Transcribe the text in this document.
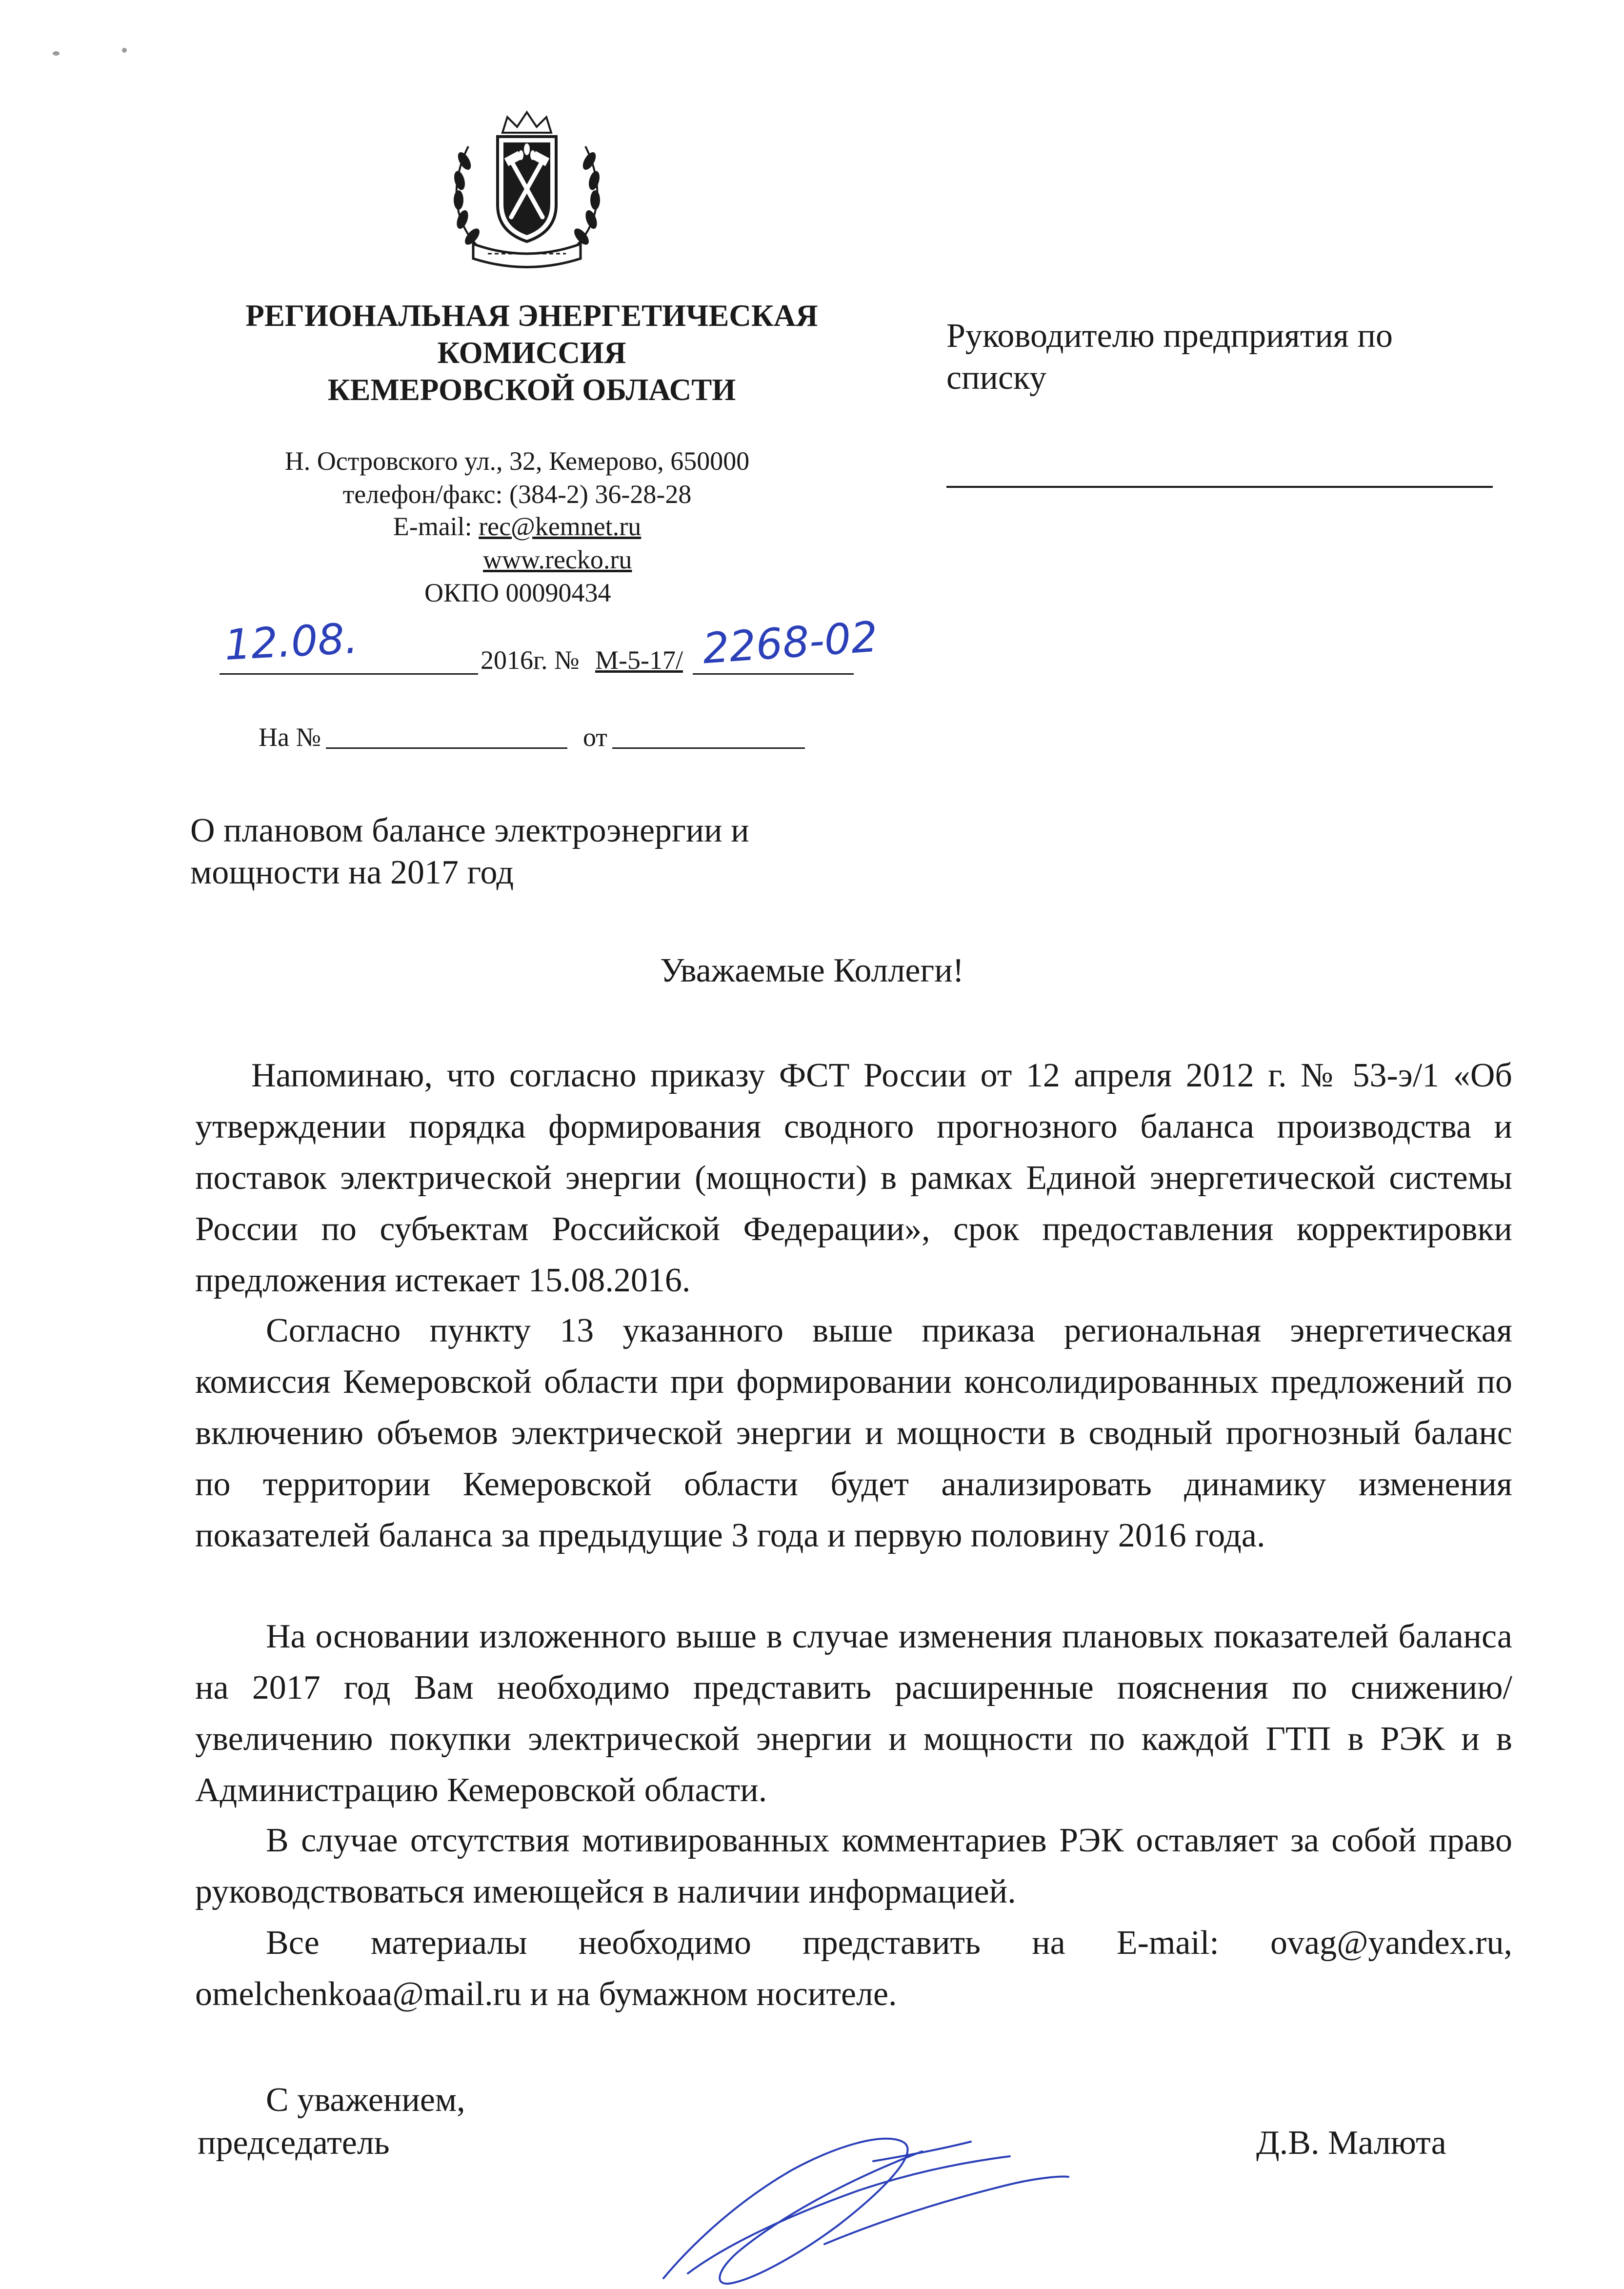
РЕГИОНАЛЬНАЯ ЭНЕРГЕТИЧЕСКАЯ
КОМИССИЯ
КЕМЕРОВСКОЙ ОБЛАСТИ
Н. Островского ул., 32, Кемерово, 650000
телефон/факс: (384-2) 36-28-28
E-mail: rec@kemnet.ru
www.recko.ru
ОКПО 00090434
Руководителю предприятия по
списку
12.08.	2016г. № М-5-17/ 2268-02
На №	от
О плановом балансе электроэнергии и
мощности на 2017 год
Уважаемые Коллеги!
Напоминаю, что согласно приказу ФСТ России от 12 апреля 2012 г. № 53-э/1 «Об утверждении порядка формирования сводного прогнозного баланса производства и поставок электрической энергии (мощности) в рамках Единой энергетической системы России по субъектам Российской Федерации», срок предоставления корректировки предложения истекает 15.08.2016.
Согласно пункту 13 указанного выше приказа региональная энергетическая комиссия Кемеровской области при формировании консолидированных предложений по включению объемов электрической энергии и мощности в сводный прогнозный баланс по территории Кемеровской области будет анализировать динамику изменения показателей баланса за предыдущие 3 года и первую половину 2016 года.
На основании изложенного выше в случае изменения плановых показателей баланса на 2017 год Вам необходимо представить расширенные пояснения по снижению/увеличению покупки электрической энергии и мощности по каждой ГТП в РЭК и в Администрацию Кемеровской области.
В случае отсутствия мотивированных комментариев РЭК оставляет за собой право руководствоваться имеющейся в наличии информацией.
Все материалы необходимо представить на E-mail: ovag@yandex.ru, omelchenkoaa@mail.ru и на бумажном носителе.
С уважением,
председатель	Д.В. Малюта
